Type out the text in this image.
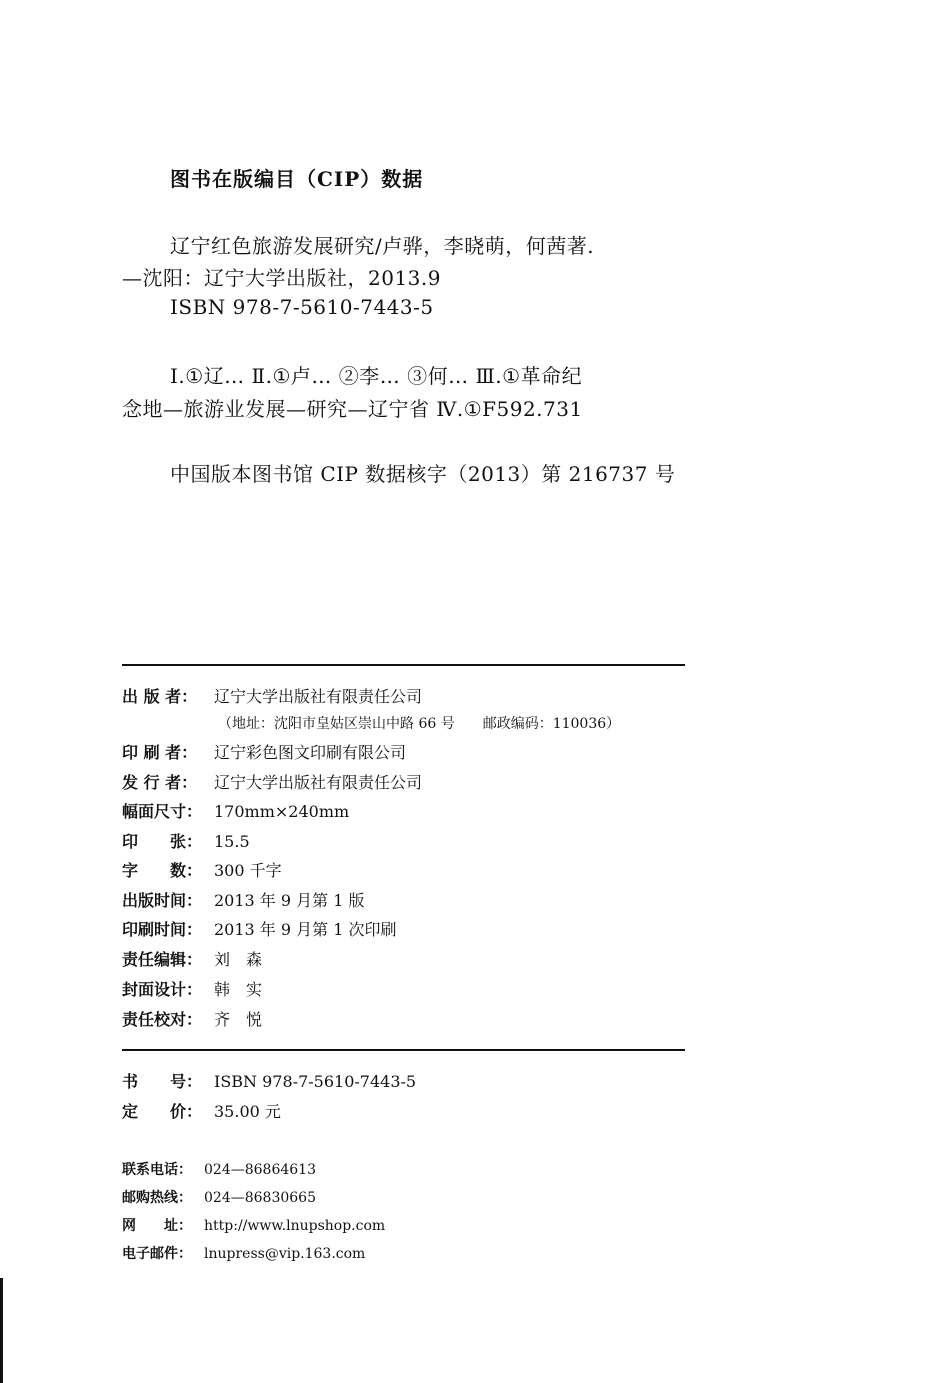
图书在版编目（CIP）数据
辽宁红色旅游发展研究/卢骅，李晓萌，何茜著.
—沈阳：辽宁大学出版社，2013.9
ISBN 978-7-5610-7443-5
Ⅰ.①辽… Ⅱ.①卢… ②李… ③何… Ⅲ.①革命纪
念地—旅游业发展—研究—辽宁省 Ⅳ.①F592.731
中国版本图书馆 CIP 数据核字（2013）第 216737 号
出 版 者： 辽宁大学出版社有限责任公司
（地址：沈阳市皇姑区崇山中路 66 号　　邮政编码：110036）
印 刷 者： 辽宁彩色图文印刷有限公司
发 行 者： 辽宁大学出版社有限责任公司
幅面尺寸： 170mm×240mm
印　　张： 15.5
字　　数： 300 千字
出版时间： 2013 年 9 月第 1 版
印刷时间： 2013 年 9 月第 1 次印刷
责任编辑： 刘　森
封面设计： 韩　实
责任校对： 齐　悦
书　　号： ISBN 978-7-5610-7443-5
定　　价： 35.00 元
联系电话： 024—86864613
邮购热线： 024—86830665
网　　址： http://www.lnupshop.com
电子邮件： lnupress@vip.163.com
